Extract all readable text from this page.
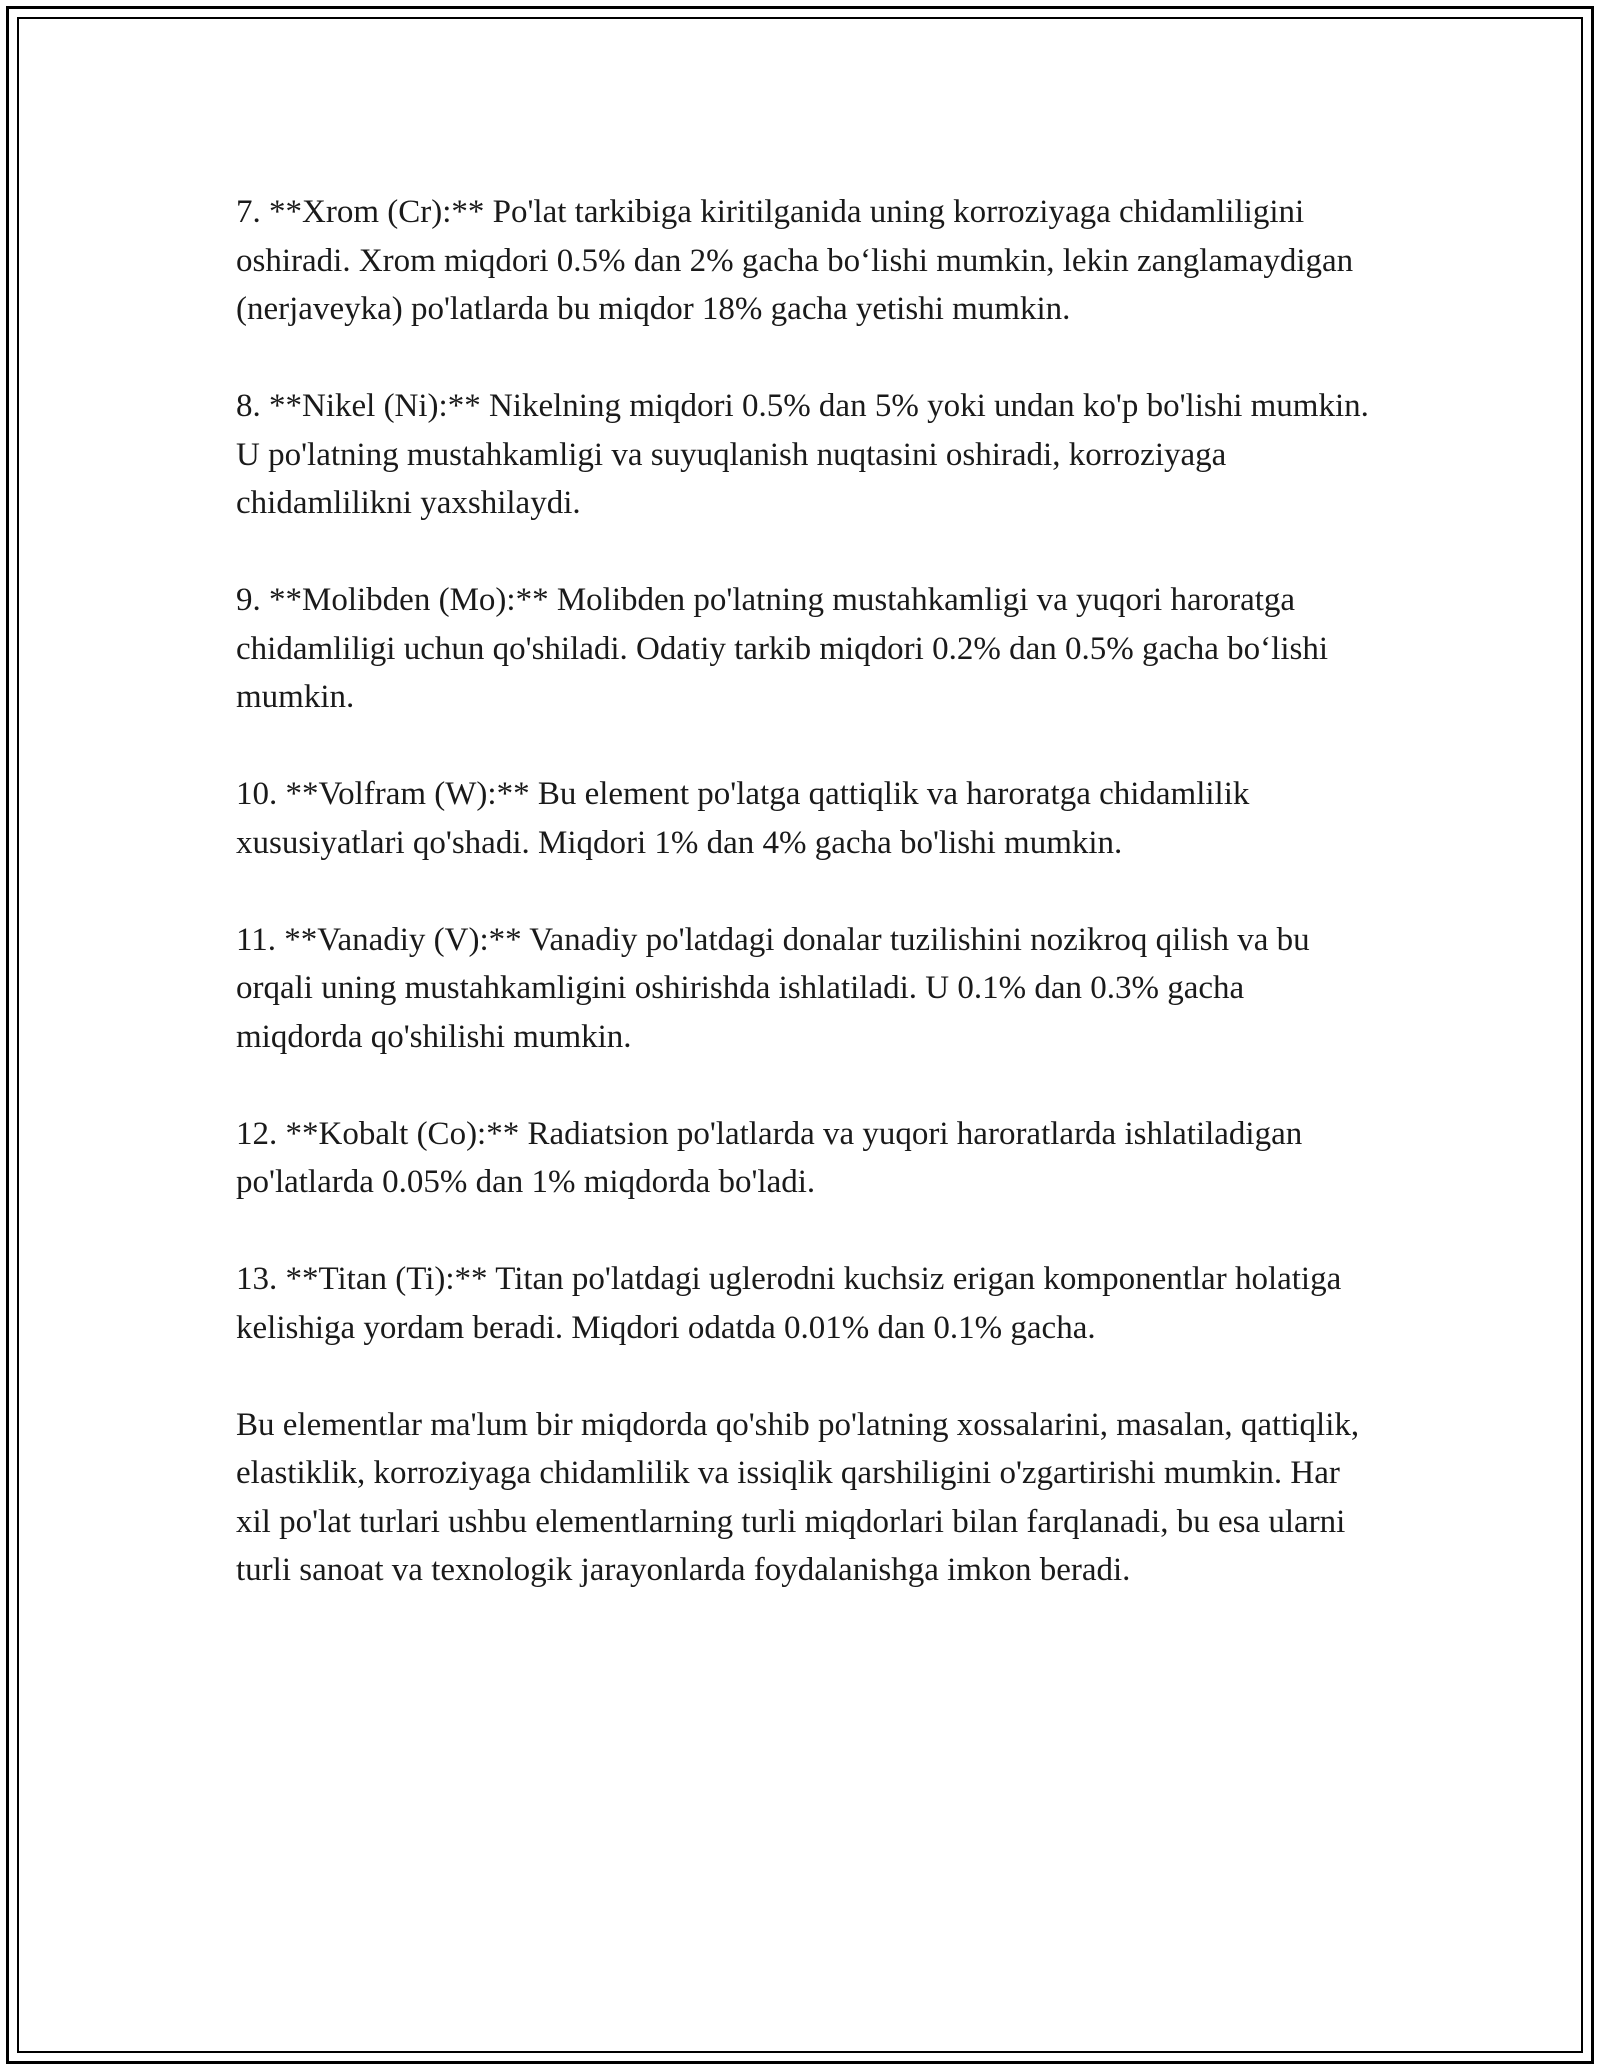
7. **Xrom (Cr):** Po'lat tarkibiga kiritilganida uning korroziyaga chidamliligini oshiradi. Xrom miqdori 0.5% dan 2% gacha boʻlishi mumkin, lekin zanglamaydigan (nerjaveyka) po'latlarda bu miqdor 18% gacha yetishi mumkin.

8. **Nikel (Ni):** Nikelning miqdori 0.5% dan 5% yoki undan ko'p bo'lishi mumkin. U po'latning mustahkamligi va suyuqlanish nuqtasini oshiradi, korroziyaga chidamlilikni yaxshilaydi.

9. **Molibden (Mo):** Molibden po'latning mustahkamligi va yuqori haroratga chidamliligi uchun qo'shiladi. Odatiy tarkib miqdori 0.2% dan 0.5% gacha boʻlishi mumkin.

10. **Volfram (W):** Bu element po'latga qattiqlik va haroratga chidamlilik xususiyatlari qo'shadi. Miqdori 1% dan 4% gacha bo'lishi mumkin.

11. **Vanadiy (V):** Vanadiy po'latdagi donalar tuzilishini nozikroq qilish va bu orqali uning mustahkamligini oshirishda ishlatiladi. U 0.1% dan 0.3% gacha miqdorda qo'shilishi mumkin.

12. **Kobalt (Co):** Radiatsion po'latlarda va yuqori haroratlarda ishlatiladigan po'latlarda 0.05% dan 1% miqdorda bo'ladi.

13. **Titan (Ti):** Titan po'latdagi uglerodni kuchsiz erigan komponentlar holatiga kelishiga yordam beradi. Miqdori odatda 0.01% dan 0.1% gacha.

Bu elementlar ma'lum bir miqdorda qo'shib po'latning xossalarini, masalan, qattiqlik, elastiklik, korroziyaga chidamlilik va issiqlik qarshiligini o'zgartirishi mumkin. Har xil po'lat turlari ushbu elementlarning turli miqdorlari bilan farqlanadi, bu esa ularni turli sanoat va texnologik jarayonlarda foydalanishga imkon beradi.
